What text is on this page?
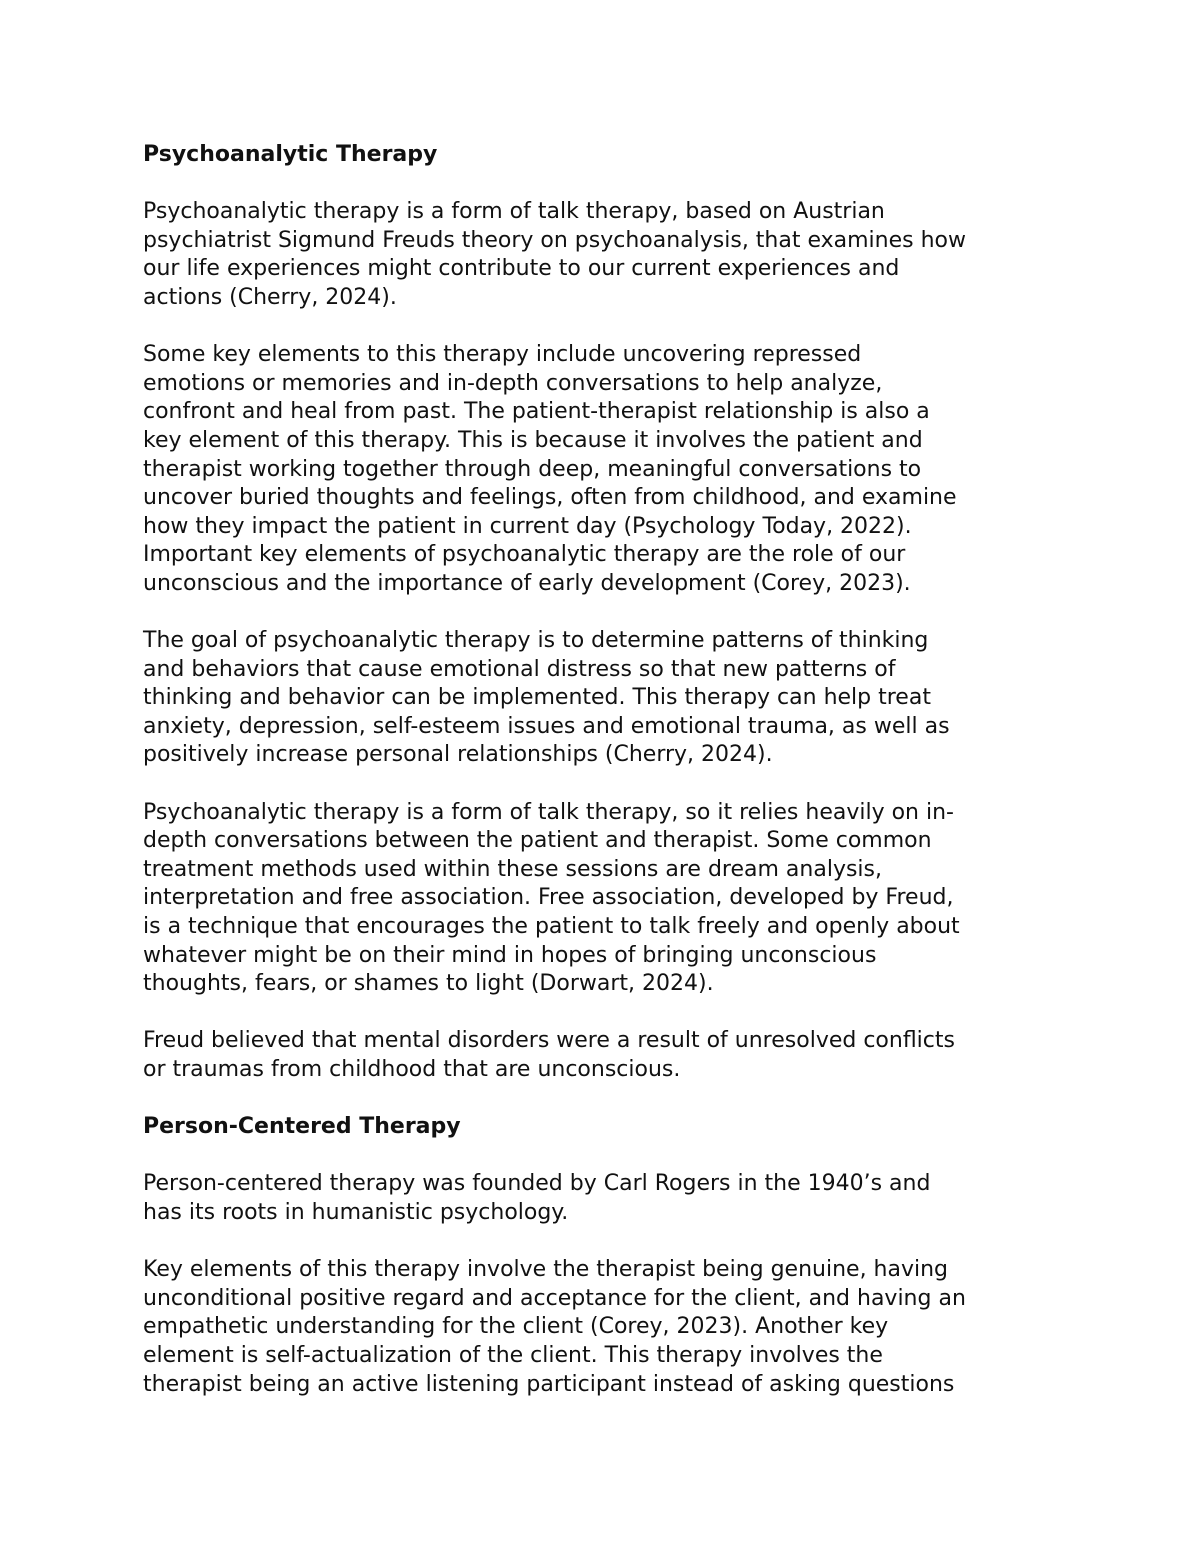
Psychoanalytic Therapy
Psychoanalytic therapy is a form of talk therapy, based on Austrian
psychiatrist Sigmund Freuds theory on psychoanalysis, that examines how
our life experiences might contribute to our current experiences and
actions (Cherry, 2024).
Some key elements to this therapy include uncovering repressed
emotions or memories and in-depth conversations to help analyze,
confront and heal from past. The patient-therapist relationship is also a
key element of this therapy. This is because it involves the patient and
therapist working together through deep, meaningful conversations to
uncover buried thoughts and feelings, often from childhood, and examine
how they impact the patient in current day (Psychology Today, 2022).
Important key elements of psychoanalytic therapy are the role of our
unconscious and the importance of early development (Corey, 2023).
The goal of psychoanalytic therapy is to determine patterns of thinking
and behaviors that cause emotional distress so that new patterns of
thinking and behavior can be implemented. This therapy can help treat
anxiety, depression, self-esteem issues and emotional trauma, as well as
positively increase personal relationships (Cherry, 2024).
Psychoanalytic therapy is a form of talk therapy, so it relies heavily on in-
depth conversations between the patient and therapist. Some common
treatment methods used within these sessions are dream analysis,
interpretation and free association. Free association, developed by Freud,
is a technique that encourages the patient to talk freely and openly about
whatever might be on their mind in hopes of bringing unconscious
thoughts, fears, or shames to light (Dorwart, 2024).
Freud believed that mental disorders were a result of unresolved conflicts
or traumas from childhood that are unconscious.
Person-Centered Therapy
Person-centered therapy was founded by Carl Rogers in the 1940’s and
has its roots in humanistic psychology.
Key elements of this therapy involve the therapist being genuine, having
unconditional positive regard and acceptance for the client, and having an
empathetic understanding for the client (Corey, 2023). Another key
element is self-actualization of the client. This therapy involves the
therapist being an active listening participant instead of asking questions
